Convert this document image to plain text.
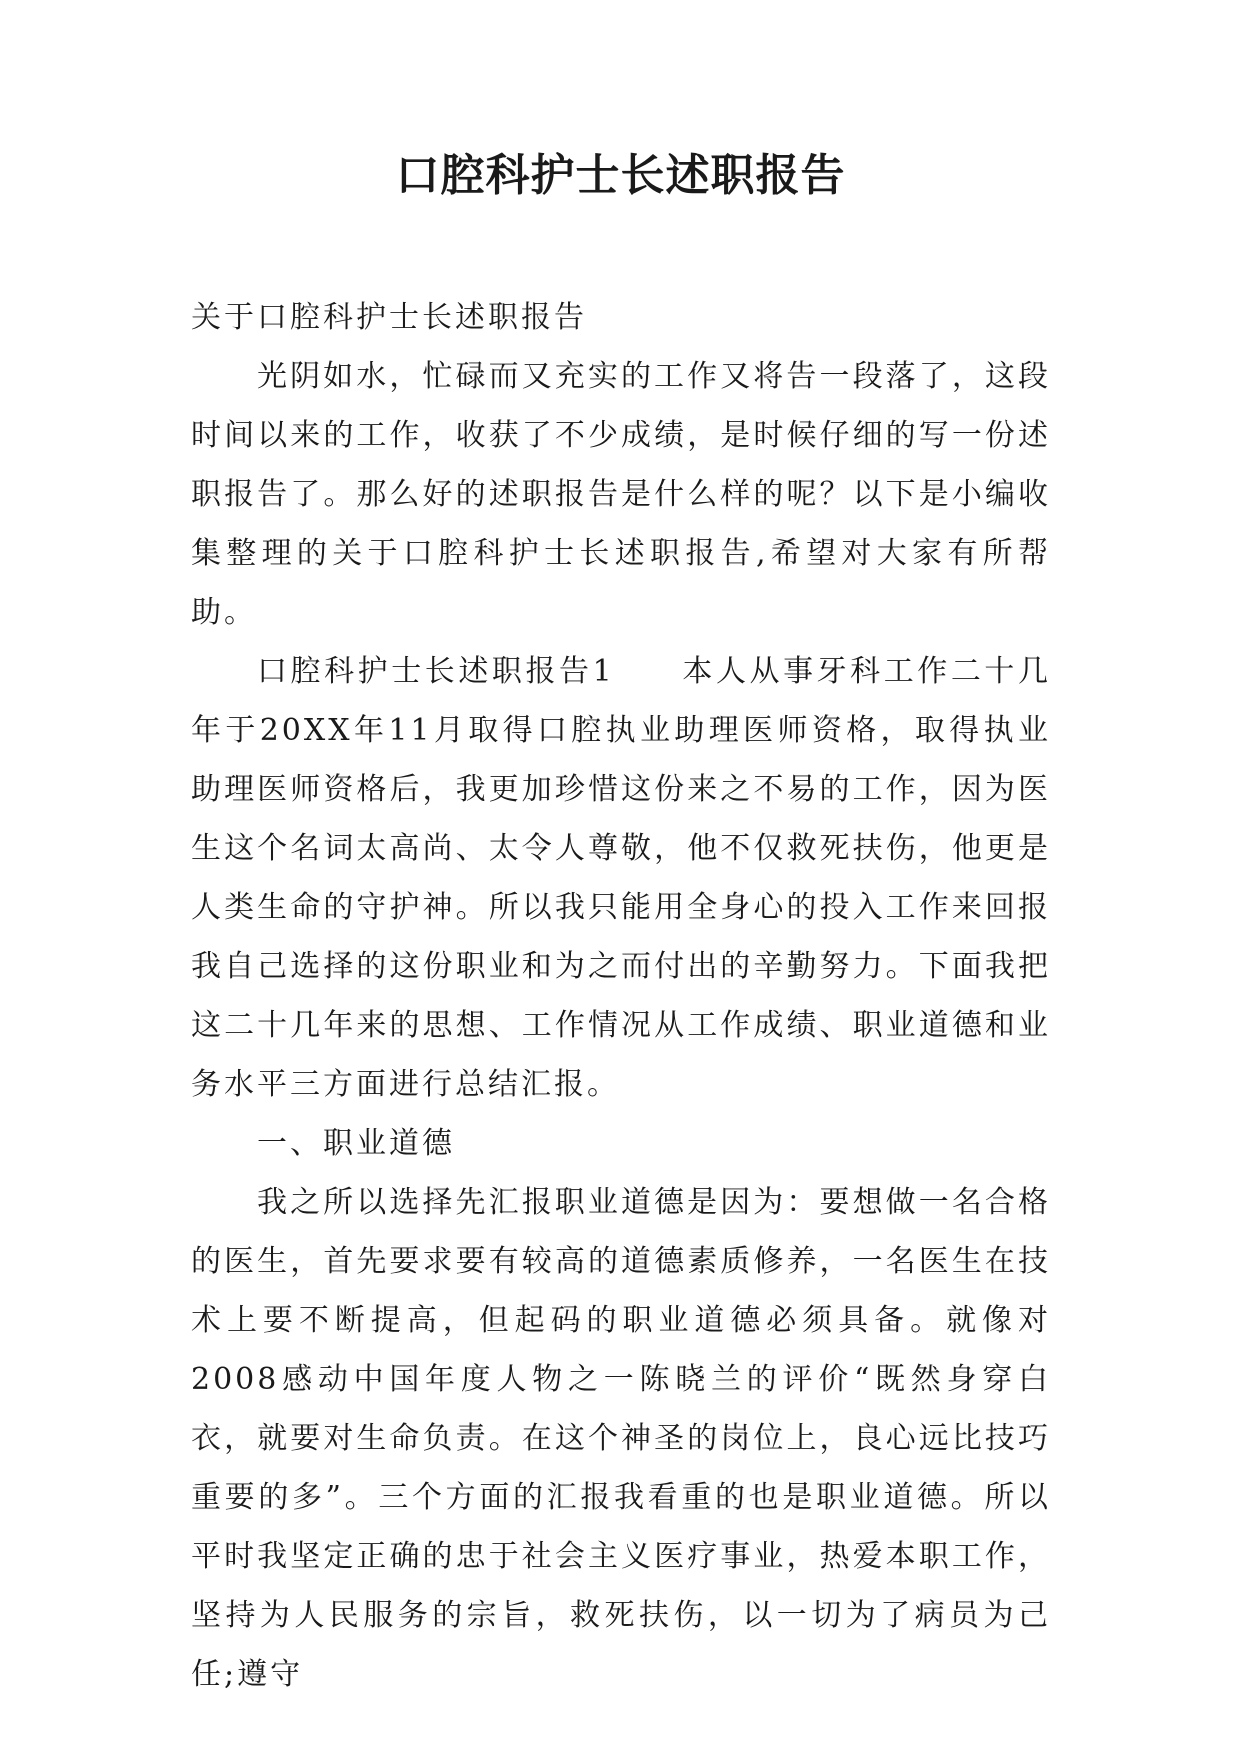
口腔科护士长述职报告

关于口腔科护士长述职报告

光阴如水，忙碌而又充实的工作又将告一段落了，这段时间以来的工作，收获了不少成绩，是时候仔细的写一份述职报告了。那么好的述职报告是什么样的呢？以下是小编收集整理的关于口腔科护士长述职报告,希望对大家有所帮助。

口腔科护士长述职报告1　　本人从事牙科工作二十几年于20XX年11月取得口腔执业助理医师资格，取得执业助理医师资格后，我更加珍惜这份来之不易的工作，因为医生这个名词太高尚、太令人尊敬，他不仅救死扶伤，他更是人类生命的守护神。所以我只能用全身心的投入工作来回报我自己选择的这份职业和为之而付出的辛勤努力。下面我把这二十几年来的思想、工作情况从工作成绩、职业道德和业务水平三方面进行总结汇报。

一、职业道德

我之所以选择先汇报职业道德是因为：要想做一名合格的医生，首先要求要有较高的道德素质修养，一名医生在技术上要不断提高，但起码的职业道德必须具备。就像对2008感动中国年度人物之一陈晓兰的评价“既然身穿白衣，就要对生命负责。在这个神圣的岗位上，良心远比技巧重要的多”。三个方面的汇报我看重的也是职业道德。所以平时我坚定正确的忠于社会主义医疗事业，热爱本职工作，坚持为人民服务的宗旨，救死扶伤，以一切为了病员为己任;遵守
